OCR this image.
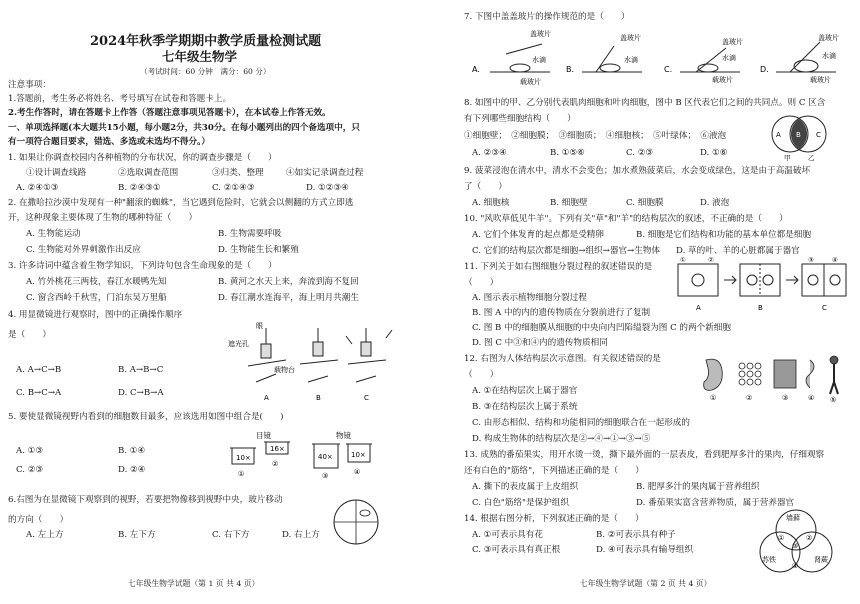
2024年秋季学期期中教学质量检测试题
七年级生物学
（考试时间：60 分钟　满分：60 分）
注意事项：
1.答题前，考生务必将姓名、考号填写在试卷和答题卡上。
2.考生作答时，请在答题卡上作答（答题注意事项见答题卡），在本试卷上作答无效。
一、单项选择题(本大题共15小题，每小题2分，共30分。在每小题列出的四个备选项中，只
有一项符合题目要求，错选、多选或未选均不得分。）
1. 如果让你调查校园内各种植物的分布状况，你的调查步骤是（　　）
①设计调查线路	②选取调查范围	③归类、整理	④如实记录调查过程
A. ②④①③	B. ②④③①	C. ②①④③	D. ①②③④
2. 在撒哈拉沙漠中发现有一种"翻滚的蜘蛛"，当它遇到危险时，它就会以侧翻的方式立即逃
开，这种现象主要体现了生物的哪种特征（　　）
A. 生物能运动	B. 生物需要呼吸
C. 生物能对外界刺激作出反应	D. 生物能生长和繁殖
3. 许多诗词中蕴含着生物学知识，下列诗句包含生命现象的是（　　）
A. 竹外桃花三两枝，春江水暖鸭先知	B. 黄河之水天上来，奔流到海不复回
C. 窗含西岭千秋雪，门泊东吴万里船	D. 春江潮水连海平，海上明月共潮生
4. 用显微镜进行观察时，图中的正确操作顺序
是（　　）
A. A→C→B	B. A→B→C
C. B→C→A	D. C→B→A
遮光孔
载物台
A	B	C
眼
5. 要使显微镜视野内看到的细胞数目最多，应该选用如图中组合是(　　)
A. ①③	B. ①④
C. ②③	D. ②④
目镜	物镜
10×
16×
40×	10×
①
②
③	④
6.右图为在显微镜下观察到的视野，若要把物像移到视野中央，玻片移动
的方向（　　）
A. 左上方	B. 左下方	C. 右下方	D. 右上方
七年级生物学试题（第 1 页 共 4 页）
7. 下图中盖盖玻片的操作规范的是（　　）
盖玻片
水滴
载玻片
盖玻片
水滴
盖玻片
水滴
载玻片
盖玻片
水滴
载玻片
A.	B.	C.	D.
8. 如图中的甲、乙分别代表肌肉细胞和叶肉细胞，图中 B 区代表它们之间的共同点。则 C 区含
有下列哪些细胞结构（　　）
①细胞壁；　②细胞膜；　③细胞质；　④细胞核；　⑤叶绿体；　⑥液泡
A. ②③④	B. ①⑤⑥	C. ②③	D. ①⑥
A B C
甲	乙
9. 菠菜浸泡在清水中，清水不会变色；加水煮熟菠菜后，水会变成绿色，这是由于高温破坏
了（　　）
A. 细胞核	B. 细胞壁	C. 细胞膜	D. 液泡
10. "风吹草低见牛羊"。下列有关"草"和"羊"的结构层次的叙述，不正确的是（　　）
A. 它们个体发育的起点都是受精卵	B. 细胞是它们结构和功能的基本单位都是细胞
C. 它们的结构层次都是细胞→组织→器官→生物体 D. 草的叶、羊的心脏都属于器官
11. 下列关于如右图细胞分裂过程的叙述错误的是
（　　）
A. 图示表示植物细胞分裂过程
B. 图 A 中的内的遗传物质在分裂前进行了复制
C. 图 B 中的细胞膜从细胞的中央向内凹陷缢裂为图 C 的两个新细胞
D. 图 C 中③和④内的遗传物质相同
A	B	C
①	②	③	④
12. 右图为人体结构层次示意图。有关叙述错误的是
（　　）
A. ①在结构层次上属于器官
B. ③在结构层次上属于系统
C. 由形态相似、结构和功能相同的细胞联合在一起形成的
D. 构成生物体的结构层次是②→④→①→③→⑤
①	②	③	④ ⑤
13. 成熟的番茄果实，用开水烫一烫，撕下最外面的一层表皮，看到肥厚多汁的果肉，仔细观察
还有白色的"筋络"，下列描述正确的是（　　）
A. 撕下的表皮属于上皮组织	B. 肥厚多汁的果肉属于营养组织
C. 白色"筋络"是保护组织	D. 番茄果实富含营养物质，属于营养器官
14. 根据右图分析，下列叙述正确的是（　　）
A. ①可表示具有花	B. ②可表示具有种子
C. ③可表示具有真正根	D. ④可表示具有输导组织
墙藓
苏铁	肾蕨
①	②
③
④
七年级生物学试题（第 2 页 共 4 页）
